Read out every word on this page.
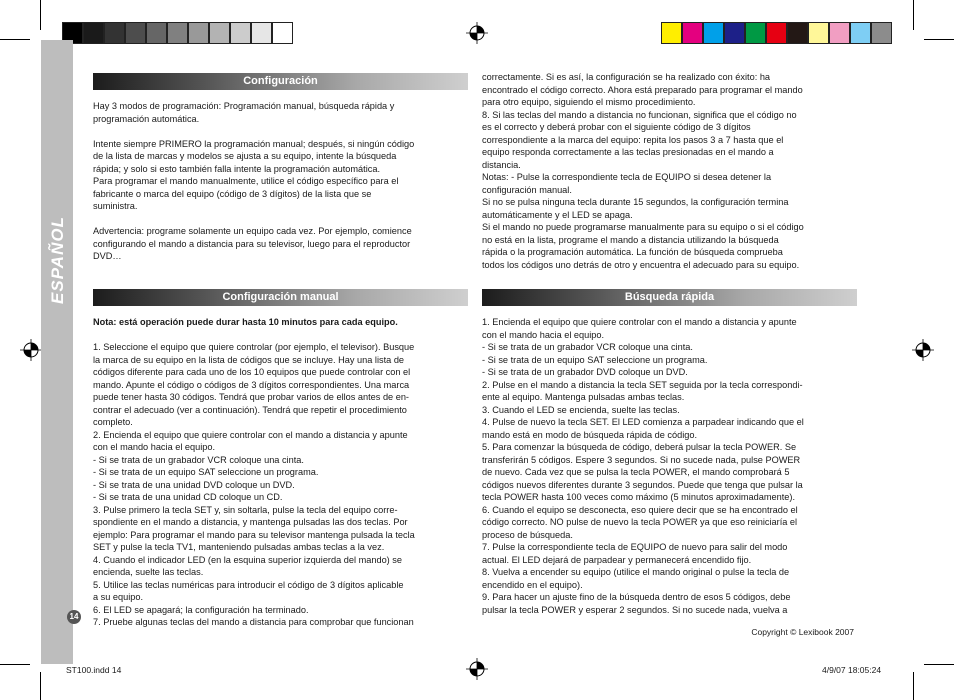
ESPAÑOL
14
Configuración

Hay 3 modos de programación: Programación manual, búsqueda rápida y

programación automática.

Intente siempre PRIMERO la programación manual; después, si ningún código

de la lista de marcas y modelos se ajusta a su equipo, intente la búsqueda

rápida; y solo si esto también falla intente la programación automática.

Para programar el mando manualmente, utilice el código específico para el

fabricante o marca del equipo (código de 3 dígitos) de la lista que se

suministra.

Advertencia: programe solamente un equipo cada vez. Por ejemplo, comience

configurando el mando a distancia para su televisor, luego para el reproductor

DVD…

Configuración manual

Nota: está operación puede durar hasta 10 minutos para cada equipo.

1. Seleccione el equipo que quiere controlar (por ejemplo, el televisor). Busque

la marca de su equipo en la lista de códigos que se incluye. Hay una lista de

códigos diferente para cada uno de los 10 equipos que puede controlar con el

mando. Apunte el código o códigos de 3 dígitos correspondientes. Una marca

puede tener hasta 30 códigos. Tendrá que probar varios de ellos antes de en-

contrar el adecuado (ver a continuación). Tendrá que repetir el procedimiento

completo.

2. Encienda el equipo que quiere controlar con el mando a distancia y apunte

con el mando hacia el equipo.

- Si se trata de un grabador VCR coloque una cinta.

- Si se trata de un equipo SAT seleccione un programa.

- Si se trata de una unidad DVD coloque un DVD.

- Si se trata de una unidad CD coloque un CD.

3. Pulse primero la tecla SET y, sin soltarla, pulse la tecla del equipo corre-

spondiente en el mando a distancia, y mantenga pulsadas las dos teclas. Por

ejemplo: Para programar el mando para su televisor mantenga pulsada la tecla

SET y pulse la tecla TV1, manteniendo pulsadas ambas teclas a la vez.

4. Cuando el indicador LED (en la esquina superior izquierda del mando) se

encienda, suelte las teclas.

5. Utilice las teclas numéricas para introducir el código de 3 dígitos aplicable

a su equipo.

6. El LED se apagará; la configuración ha terminado.

7. Pruebe algunas teclas del mando a distancia para comprobar que funcionan

correctamente. Si es así, la configuración se ha realizado con éxito: ha

encontrado el código correcto. Ahora está preparado para programar el mando

para otro equipo, siguiendo el mismo procedimiento.

8. Si las teclas del mando a distancia no funcionan, significa que el código no

es el correcto y deberá probar con el siguiente código de 3 dígitos

correspondiente a la marca del equipo: repita los pasos 3 a 7 hasta que el

equipo responda correctamente a las teclas presionadas en el mando a

distancia.

Notas: - Pulse la correspondiente tecla de EQUIPO si desea detener la

configuración manual.

Si no se pulsa ninguna tecla durante 15 segundos, la configuración termina

automáticamente y el LED se apaga.

Si el mando no puede programarse manualmente para su equipo o si el código

no está en la lista, programe el mando a distancia utilizando la búsqueda

rápida o la programación automática. La función de búsqueda comprueba

todos los códigos uno detrás de otro y encuentra el adecuado para su equipo.

Búsqueda rápida

1. Encienda el equipo que quiere controlar con el mando a distancia y apunte

con el mando hacia el equipo.

- Si se trata de un grabador VCR coloque una cinta.

- Si se trata de un equipo SAT seleccione un programa.

- Si se trata de un grabador DVD coloque un DVD.

2. Pulse en el mando a distancia la tecla SET seguida por la tecla correspondi-

ente al equipo. Mantenga pulsadas ambas teclas.

3. Cuando el LED se encienda, suelte las teclas.

4. Pulse de nuevo la tecla SET. El LED comienza a parpadear indicando que el

mando está en modo de búsqueda rápida de código.

5. Para comenzar la búsqueda de código, deberá pulsar la tecla POWER. Se

transferirán 5 códigos. Espere 3 segundos. Si no sucede nada, pulse POWER

de nuevo. Cada vez que se pulsa la tecla POWER, el mando comprobará 5

códigos nuevos diferentes durante 3 segundos. Puede que tenga que pulsar la

tecla POWER hasta 100 veces como máximo (5 minutos aproximadamente).

6. Cuando el equipo se desconecta, eso quiere decir que se ha encontrado el

código correcto. NO pulse de nuevo la tecla POWER ya que eso reiniciaría el

proceso de búsqueda.

7. Pulse la correspondiente tecla de EQUIPO de nuevo para salir del modo

actual. El LED dejará de parpadear y permanecerá encendido fijo.

8. Vuelva a encender su equipo (utilice el mando original o pulse la tecla de

encendido en el equipo).

9. Para hacer un ajuste fino de la búsqueda dentro de esos 5 códigos, debe

pulsar la tecla POWER y esperar 2 segundos. Si no sucede nada, vuelva a

Copyright © Lexibook 2007
ST100.indd 14	4/9/07 18:05:24
